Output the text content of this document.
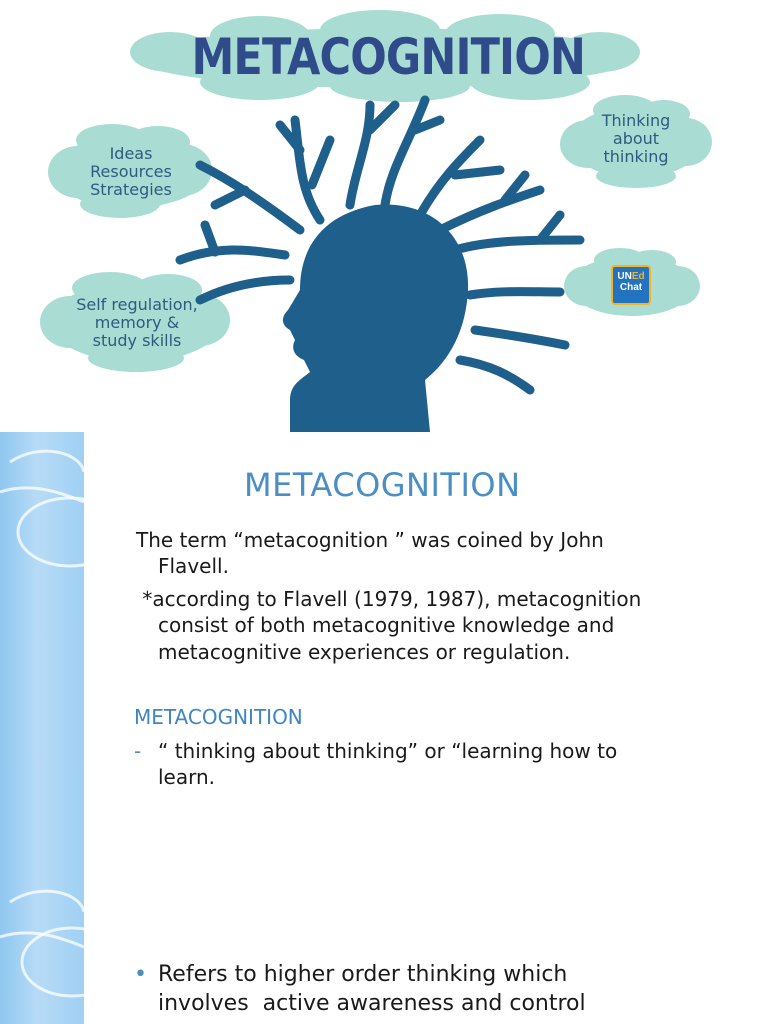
METACOGNITION
Ideas
Resources
Strategies
Thinking
about
thinking
Self regulation,
memory &
study skills
UNEd
Chat
METACOGNITION
The term “metacognition ” was coined by John
Flavell.
*according to Flavell (1979, 1987), metacognition
consist of both metacognitive knowledge and
metacognitive experiences or regulation.
METACOGNITION
- “ thinking about thinking” or “learning how to
learn.
• Refers to higher order thinking which
involves  active awareness and control
